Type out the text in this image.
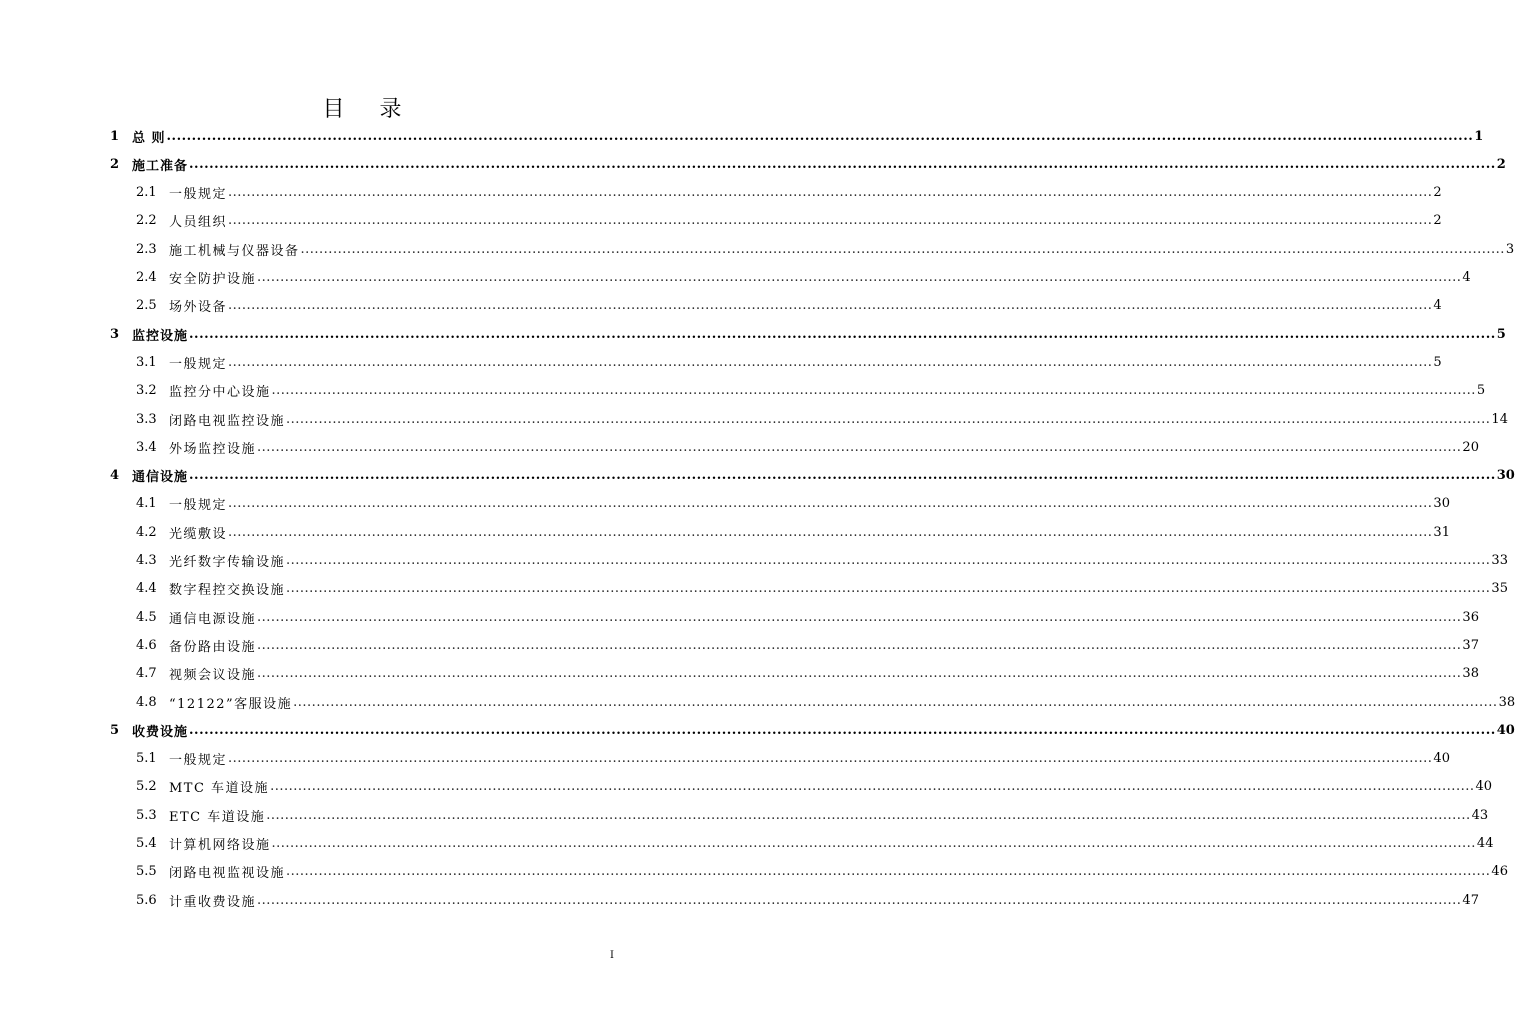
目 录
1 总 则 .................................................................................................................................................................................................................................................................... 1
2 施工准备 .................................................................................................................................................................................................................................................................... 2
2.1 一般规定 .................................................................................................................................................................................................................................................................... 2
2.2 人员组织 .................................................................................................................................................................................................................................................................... 2
2.3 施工机械与仪器设备 .................................................................................................................................................................................................................................................................... 3
2.4 安全防护设施 .................................................................................................................................................................................................................................................................... 4
2.5 场外设备 .................................................................................................................................................................................................................................................................... 4
3 监控设施 .................................................................................................................................................................................................................................................................... 5
3.1 一般规定 .................................................................................................................................................................................................................................................................... 5
3.2 监控分中心设施 .................................................................................................................................................................................................................................................................... 5
3.3 闭路电视监控设施 .................................................................................................................................................................................................................................................................... 14
3.4 外场监控设施 .................................................................................................................................................................................................................................................................... 20
4 通信设施 .................................................................................................................................................................................................................................................................... 30
4.1 一般规定 .................................................................................................................................................................................................................................................................... 30
4.2 光缆敷设 .................................................................................................................................................................................................................................................................... 31
4.3 光纤数字传输设施 .................................................................................................................................................................................................................................................................... 33
4.4 数字程控交换设施 .................................................................................................................................................................................................................................................................... 35
4.5 通信电源设施 .................................................................................................................................................................................................................................................................... 36
4.6 备份路由设施 .................................................................................................................................................................................................................................................................... 37
4.7 视频会议设施 .................................................................................................................................................................................................................................................................... 38
4.8 “12122”客服设施 .................................................................................................................................................................................................................................................................... 38
5 收费设施 .................................................................................................................................................................................................................................................................... 40
5.1 一般规定 .................................................................................................................................................................................................................................................................... 40
5.2 MTC 车道设施 .................................................................................................................................................................................................................................................................... 40
5.3 ETC 车道设施 .................................................................................................................................................................................................................................................................... 43
5.4 计算机网络设施 .................................................................................................................................................................................................................................................................... 44
5.5 闭路电视监视设施 .................................................................................................................................................................................................................................................................... 46
5.6 计重收费设施 .................................................................................................................................................................................................................................................................... 47
I
